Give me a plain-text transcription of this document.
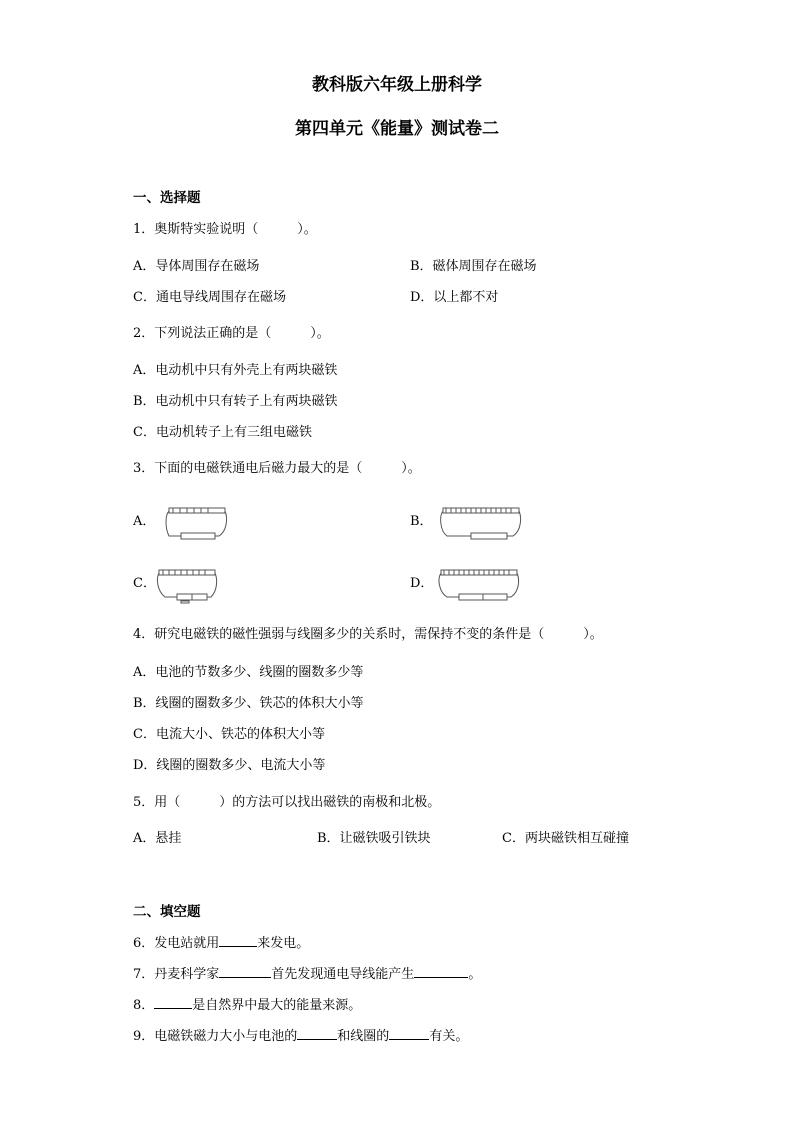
教科版六年级上册科学
第四单元《能量》测试卷二
一、选择题
1．奥斯特实验说明（　　　）。
A．导体周围存在磁场	B．磁体周围存在磁场
C．通电导线周围存在磁场	D．以上都不对
2．下列说法正确的是（　　　）。
A．电动机中只有外壳上有两块磁铁
B．电动机中只有转子上有两块磁铁
C．电动机转子上有三组电磁铁
3．下面的电磁铁通电后磁力最大的是（　　　）。
A．	B．
C．	D．
4．研究电磁铁的磁性强弱与线圈多少的关系时，需保持不变的条件是（　　　）。
A．电池的节数多少、线圈的圈数多少等
B．线圈的圈数多少、铁芯的体积大小等
C．电流大小、铁芯的体积大小等
D．线圈的圈数多少、电流大小等
5．用（　　　）的方法可以找出磁铁的南极和北极。
A．悬挂	B．让磁铁吸引铁块	C．两块磁铁相互碰撞
二、填空题
6．发电站就用	来发电。
7．丹麦科学家	首先发现通电导线能产生	。
8．	是自然界中最大的能量来源。
9．电磁铁磁力大小与电池的	和线圈的	有关。
